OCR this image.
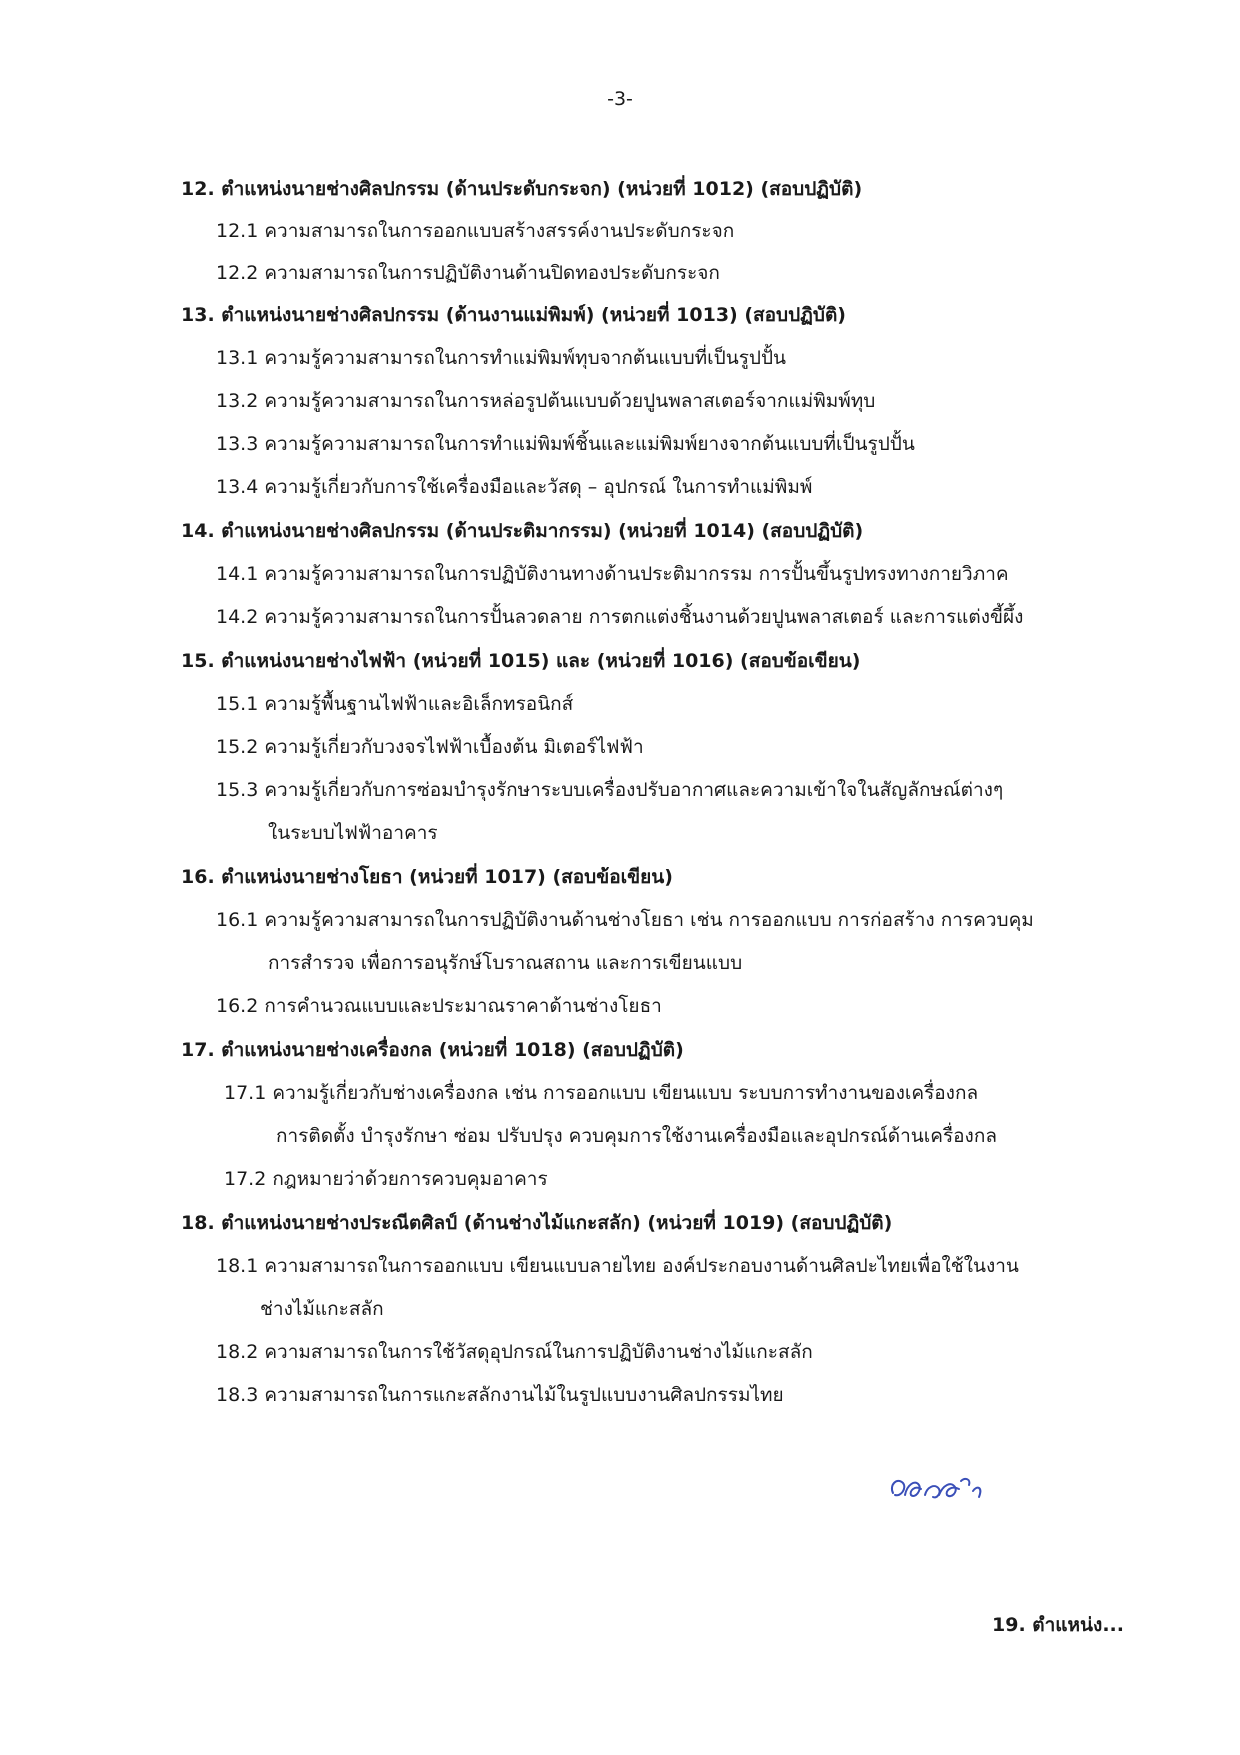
-3-
12. ตำแหน่งนายช่างศิลปกรรม (ด้านประดับกระจก) (หน่วยที่ 1012) (สอบปฏิบัติ)
12.1 ความสามารถในการออกแบบสร้างสรรค์งานประดับกระจก
12.2 ความสามารถในการปฏิบัติงานด้านปิดทองประดับกระจก
13. ตำแหน่งนายช่างศิลปกรรม (ด้านงานแม่พิมพ์) (หน่วยที่ 1013) (สอบปฏิบัติ)
13.1 ความรู้ความสามารถในการทำแม่พิมพ์ทุบจากต้นแบบที่เป็นรูปปั้น
13.2 ความรู้ความสามารถในการหล่อรูปต้นแบบด้วยปูนพลาสเตอร์จากแม่พิมพ์ทุบ
13.3 ความรู้ความสามารถในการทำแม่พิมพ์ชิ้นและแม่พิมพ์ยางจากต้นแบบที่เป็นรูปปั้น
13.4 ความรู้เกี่ยวกับการใช้เครื่องมือและวัสดุ – อุปกรณ์ ในการทำแม่พิมพ์
14. ตำแหน่งนายช่างศิลปกรรม (ด้านประติมากรรม) (หน่วยที่ 1014) (สอบปฏิบัติ)
14.1 ความรู้ความสามารถในการปฏิบัติงานทางด้านประติมากรรม การปั้นขึ้นรูปทรงทางกายวิภาค
14.2 ความรู้ความสามารถในการปั้นลวดลาย การตกแต่งชิ้นงานด้วยปูนพลาสเตอร์ และการแต่งขี้ผึ้ง
15. ตำแหน่งนายช่างไฟฟ้า (หน่วยที่ 1015) และ (หน่วยที่ 1016) (สอบข้อเขียน)
15.1 ความรู้พื้นฐานไฟฟ้าและอิเล็กทรอนิกส์
15.2 ความรู้เกี่ยวกับวงจรไฟฟ้าเบื้องต้น มิเตอร์ไฟฟ้า
15.3 ความรู้เกี่ยวกับการซ่อมบำรุงรักษาระบบเครื่องปรับอากาศและความเข้าใจในสัญลักษณ์ต่างๆ
ในระบบไฟฟ้าอาคาร
16. ตำแหน่งนายช่างโยธา (หน่วยที่ 1017) (สอบข้อเขียน)
16.1 ความรู้ความสามารถในการปฏิบัติงานด้านช่างโยธา เช่น การออกแบบ การก่อสร้าง การควบคุม
การสำรวจ เพื่อการอนุรักษ์โบราณสถาน และการเขียนแบบ
16.2 การคำนวณแบบและประมาณราคาด้านช่างโยธา
17. ตำแหน่งนายช่างเครื่องกล (หน่วยที่ 1018) (สอบปฏิบัติ)
17.1 ความรู้เกี่ยวกับช่างเครื่องกล เช่น การออกแบบ เขียนแบบ ระบบการทำงานของเครื่องกล
การติดตั้ง บำรุงรักษา ซ่อม ปรับปรุง ควบคุมการใช้งานเครื่องมือและอุปกรณ์ด้านเครื่องกล
17.2 กฎหมายว่าด้วยการควบคุมอาคาร
18. ตำแหน่งนายช่างประณีตศิลป์ (ด้านช่างไม้แกะสลัก) (หน่วยที่ 1019) (สอบปฏิบัติ)
18.1 ความสามารถในการออกแบบ เขียนแบบลายไทย องค์ประกอบงานด้านศิลปะไทยเพื่อใช้ในงาน
ช่างไม้แกะสลัก
18.2 ความสามารถในการใช้วัสดุอุปกรณ์ในการปฏิบัติงานช่างไม้แกะสลัก
18.3 ความสามารถในการแกะสลักงานไม้ในรูปแบบงานศิลปกรรมไทย
19. ตำแหน่ง...
